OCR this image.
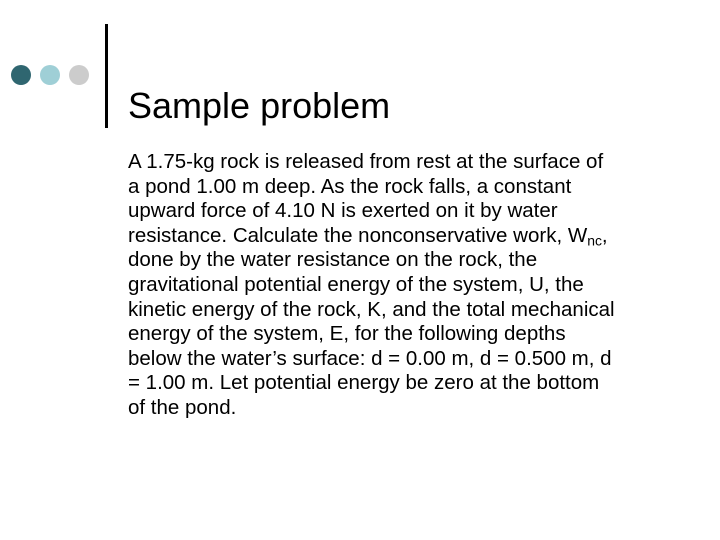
Sample problem

A 1.75-kg rock is released from rest at the surface of a pond 1.00 m deep. As the rock falls, a constant upward force of 4.10 N is exerted on it by water resistance. Calculate the nonconservative work, $W_{nc}$, done by the water resistance on the rock, the gravitational potential energy of the system, U, the kinetic energy of the rock, K, and the total mechanical energy of the system, E, for the following depths below the water’s surface: d = 0.00 m, d = 0.500 m, d = 1.00 m. Let potential energy be zero at the bottom of the pond.
